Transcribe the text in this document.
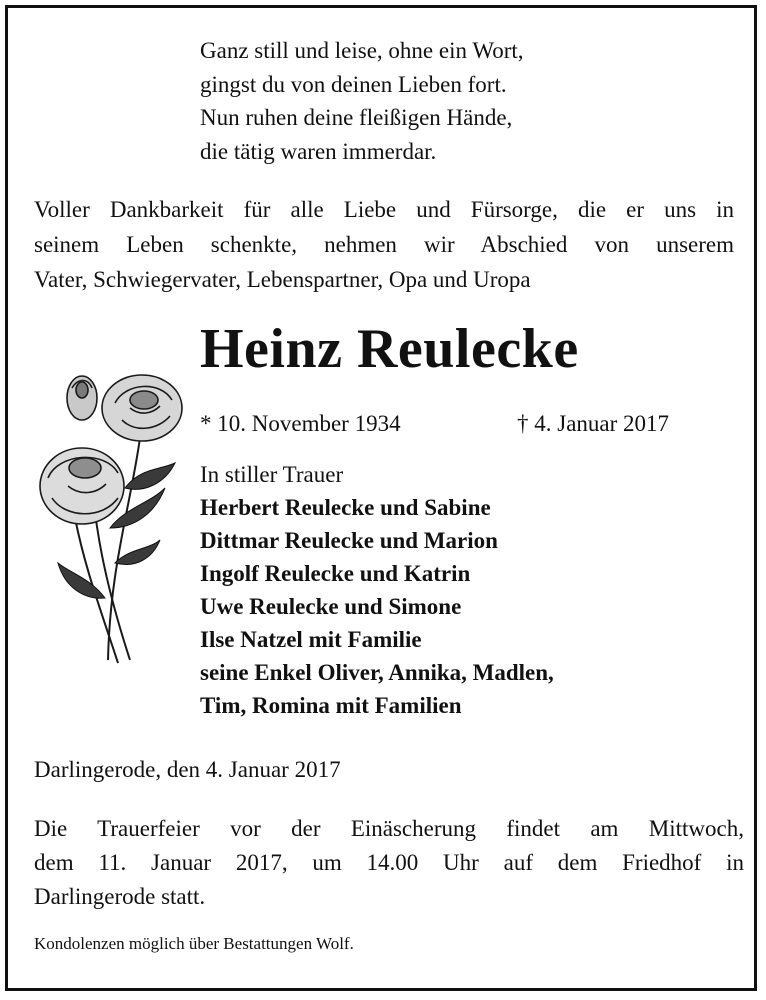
Ganz still und leise, ohne ein Wort,
gingst du von deinen Lieben fort.
Nun ruhen deine fleißigen Hände,
die tätig waren immerdar.
Voller Dankbarkeit für alle Liebe und Fürsorge, die er uns in
seinem Leben schenkte, nehmen wir Abschied von unserem
Vater, Schwiegervater, Lebenspartner, Opa und Uropa
Heinz Reulecke
* 10. November 1934	† 4. Januar 2017
In stiller Trauer
Herbert Reulecke und Sabine
Dittmar Reulecke und Marion
Ingolf Reulecke und Katrin
Uwe Reulecke und Simone
Ilse Natzel mit Familie
seine Enkel Oliver, Annika, Madlen,
Tim, Romina mit Familien
Darlingerode, den 4. Januar 2017
Die Trauerfeier vor der Einäscherung findet am Mittwoch,
dem 11. Januar 2017, um 14.00 Uhr auf dem Friedhof in
Darlingerode statt.
Kondolenzen möglich über Bestattungen Wolf.
